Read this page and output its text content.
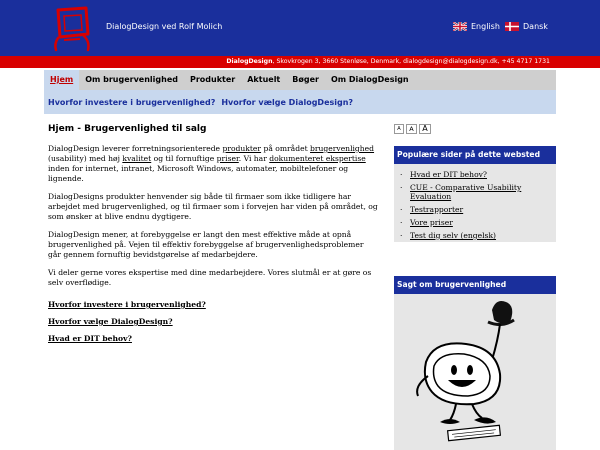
DialogDesign ved Rolf Molich	English	Dansk
DialogDesign, Skovkrogen 3, 3660 Stenløse, Denmark, dialogdesign@dialogdesign.dk, +45 4717 1731
Hjem	Om brugervenlighed	Produkter	Aktuelt	Bøger	Om DialogDesign
Hvorfor investere i brugervenlighed? Hvorfor vælge DialogDesign?
Hjem - Brugervenlighed til salg

DialogDesign leverer forretningsorienterede produkter på området brugervenlighed (usability) med høj kvalitet og til fornuftige priser. Vi har dokumenteret ekspertise inden for internet, intranet, Microsoft Windows, automater, mobiltelefoner og lignende.

DialogDesigns produkter henvender sig både til firmaer som ikke tidligere har arbejdet med brugervenlighed, og til firmaer som i forvejen har viden på området, og som ønsker at blive endnu dygtigere.

DialogDesign mener, at forebyggelse er langt den mest effektive måde at opnå brugervenlighed på. Vejen til effektiv forebyggelse af brugervenlighedsproblemer går gennem fornuftig bevidstgørelse af medarbejdere.

Vi deler gerne vores ekspertise med dine medarbejdere. Vores slutmål er at gøre os selv overflødige.

Hvorfor investere i brugervenlighed?
Hvorfor vælge DialogDesign?
Hvad er DIT behov?
A	A	A
Populære sider på dette websted
· Hvad er DIT behov?
· CUE - Comparative Usability Evaluation
· Testrapporter
· Vore priser
· Test dig selv (engelsk)
Sagt om brugervenlighed
